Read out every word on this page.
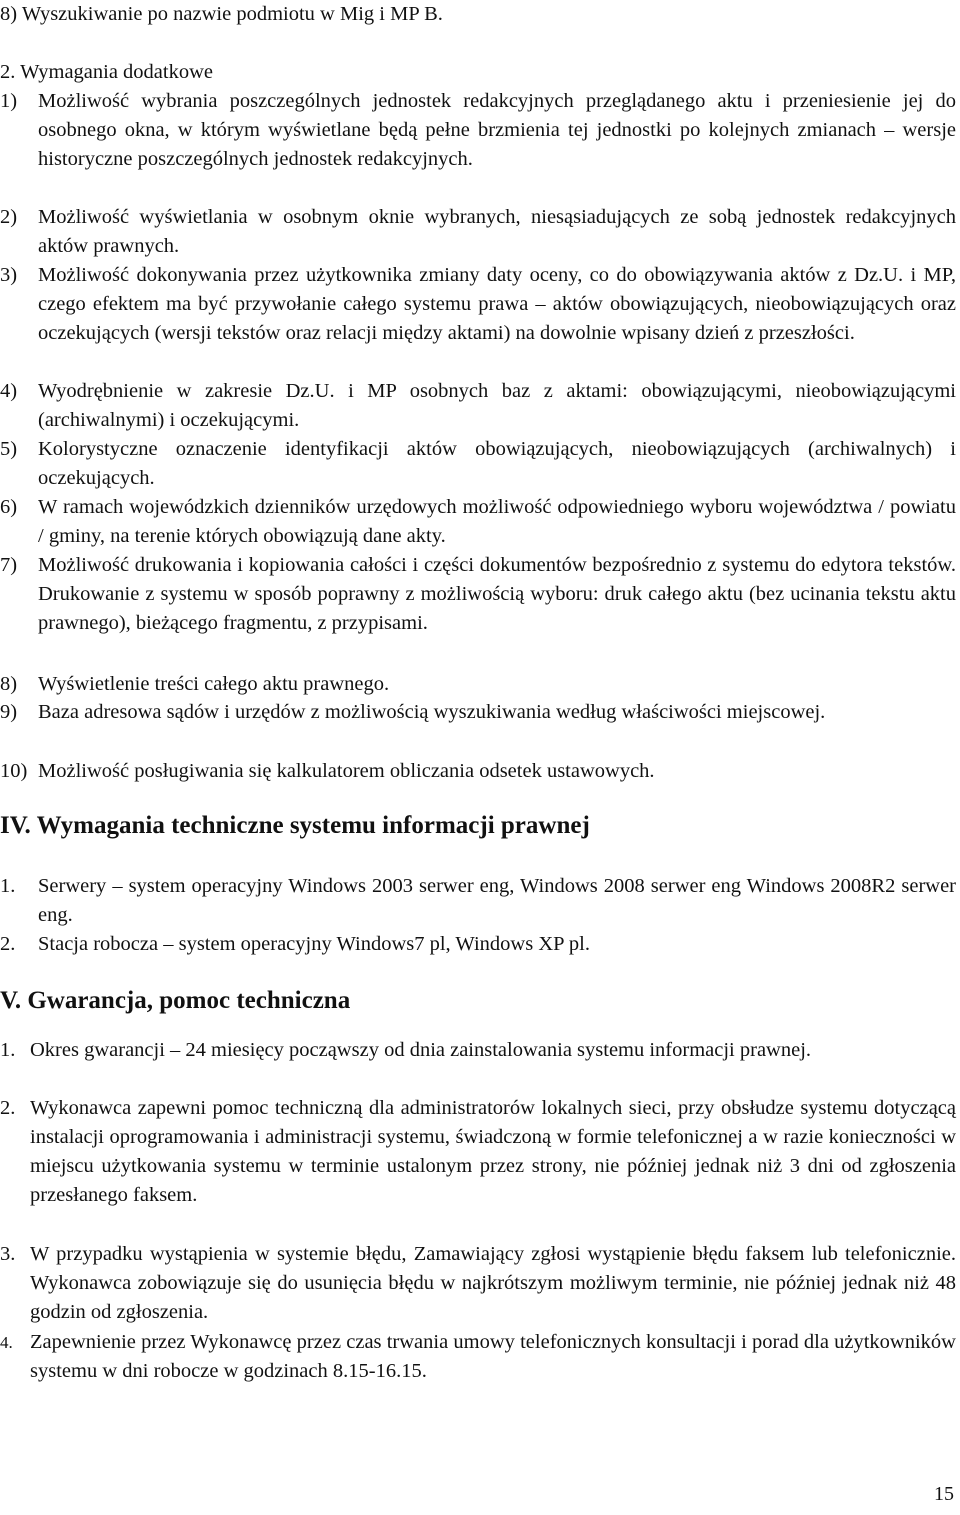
8) Wyszukiwanie po nazwie podmiotu w Mig i MP B.
2. Wymagania dodatkowe
1)	Możliwość wybrania poszczególnych jednostek redakcyjnych przeglądanego aktu i przeniesienie jej do osobnego okna, w którym wyświetlane będą pełne brzmienia tej jednostki po kolejnych zmianach – wersje historyczne poszczególnych jednostek redakcyjnych.
2)	Możliwość wyświetlania w osobnym oknie wybranych, niesąsiadujących ze sobą jednostek redakcyjnych aktów prawnych.
3)	Możliwość dokonywania przez użytkownika zmiany daty oceny, co do obowiązywania aktów z Dz.U. i MP, czego efektem ma być przywołanie całego systemu prawa – aktów obowiązujących, nieobowiązujących oraz oczekujących (wersji tekstów oraz relacji między aktami) na dowolnie wpisany dzień z przeszłości.
4)	Wyodrębnienie w zakresie Dz.U. i MP osobnych baz z aktami: obowiązującymi, nieobowiązującymi (archiwalnymi) i oczekującymi.
5)	Kolorystyczne oznaczenie identyfikacji aktów obowiązujących, nieobowiązujących (archiwalnych) i oczekujących.
6)	W ramach wojewódzkich dzienników urzędowych możliwość odpowiedniego wyboru województwa / powiatu / gminy, na terenie których obowiązują dane akty.
7)	Możliwość drukowania i kopiowania całości i części dokumentów bezpośrednio z systemu do edytora tekstów. Drukowanie z systemu w sposób poprawny z możliwością wyboru: druk całego aktu (bez ucinania tekstu aktu prawnego), bieżącego fragmentu, z przypisami.
8)	Wyświetlenie treści całego aktu prawnego.
9)	Baza adresowa sądów i urzędów z możliwością wyszukiwania według właściwości miejscowej.
10) Możliwość posługiwania się kalkulatorem obliczania odsetek ustawowych.
IV. Wymagania techniczne systemu informacji prawnej
1.	Serwery – system operacyjny Windows 2003 serwer eng, Windows 2008 serwer eng Windows 2008R2 serwer eng.
2.	Stacja robocza – system operacyjny Windows7 pl, Windows XP pl.
V. Gwarancja, pomoc techniczna
1. Okres gwarancji – 24 miesięcy począwszy od dnia zainstalowania systemu informacji prawnej.
2. Wykonawca zapewni pomoc techniczną dla administratorów lokalnych sieci, przy obsłudze systemu dotyczącą instalacji oprogramowania i administracji systemu, świadczoną w formie telefonicznej a w razie konieczności w miejscu użytkowania systemu w terminie ustalonym przez strony, nie później jednak niż 3 dni od zgłoszenia przesłanego faksem.
3. W przypadku wystąpienia w systemie błędu, Zamawiający zgłosi wystąpienie błędu faksem lub telefonicznie. Wykonawca zobowiązuje się do usunięcia błędu w najkrótszym możliwym terminie, nie później jednak niż 48 godzin od zgłoszenia.
4. Zapewnienie przez Wykonawcę przez czas trwania umowy telefonicznych konsultacji i porad dla użytkowników systemu w dni robocze w godzinach 8.15-16.15.
15
